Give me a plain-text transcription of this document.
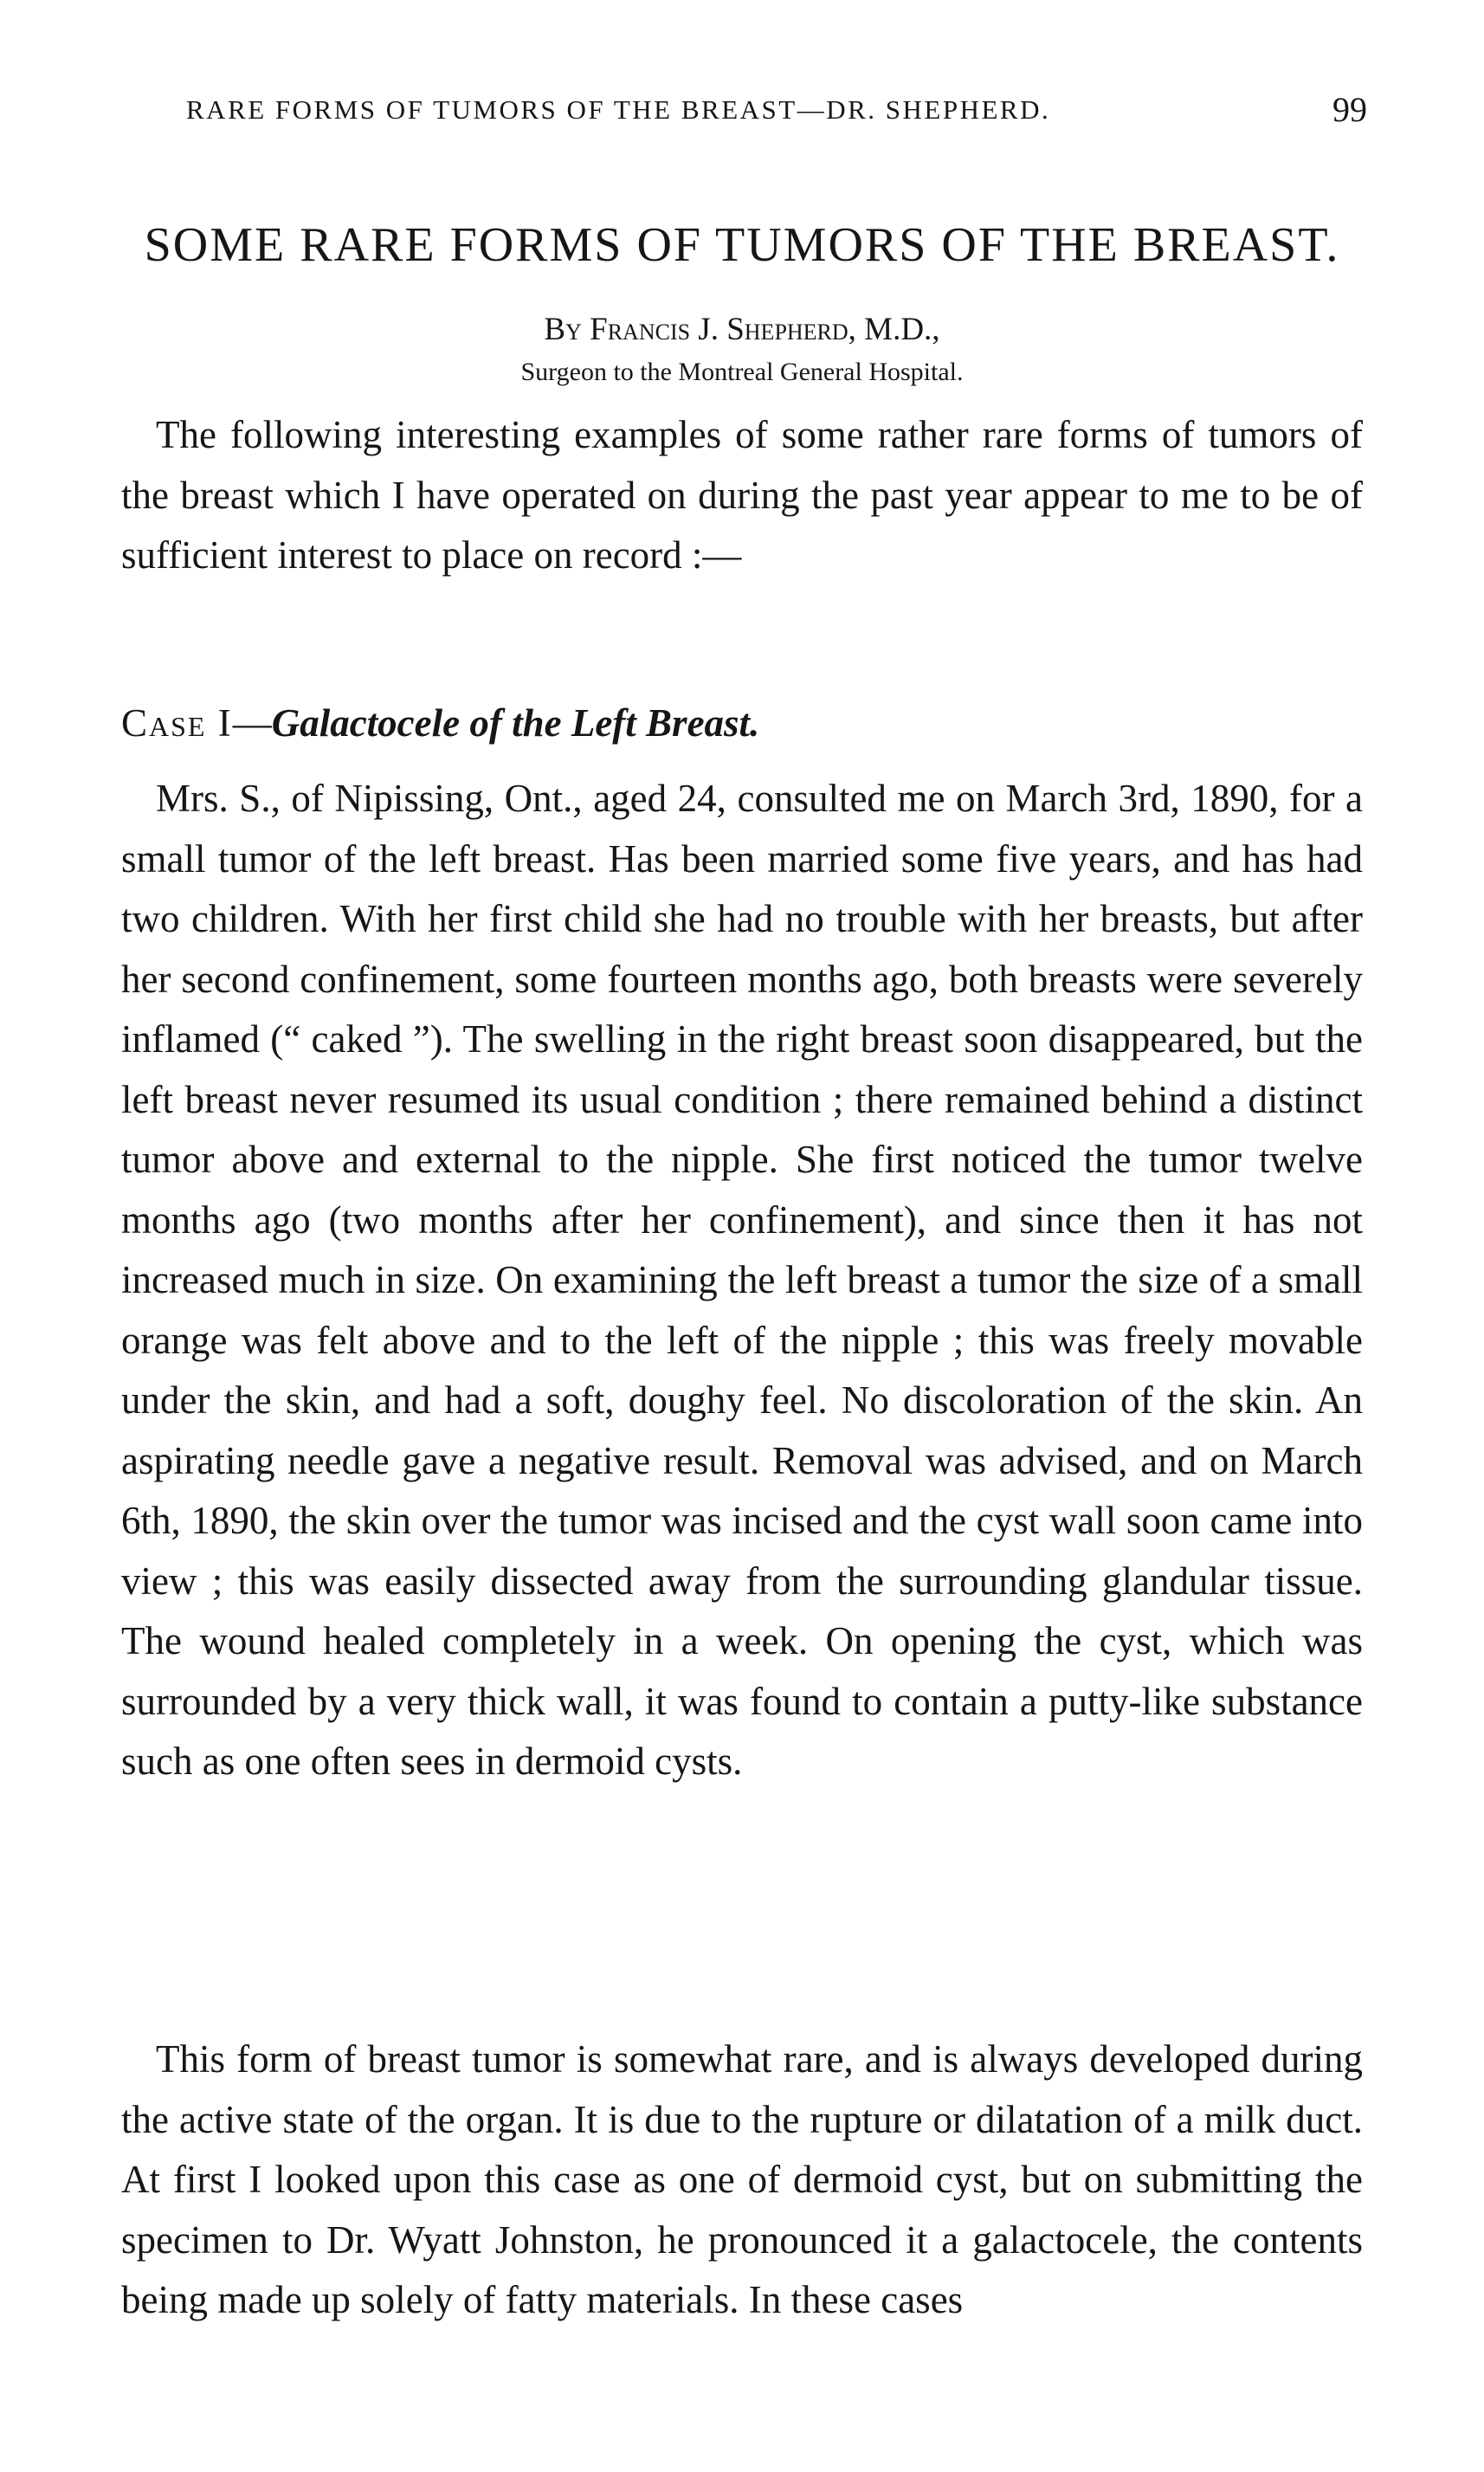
RARE FORMS OF TUMORS OF THE BREAST—DR. SHEPHERD.	99
SOME RARE FORMS OF TUMORS OF THE BREAST.
By Francis J. Shepherd, M.D.,
Surgeon to the Montreal General Hospital.

The following interesting examples of some rather rare forms of tumors of the breast which I have operated on during the past year appear to me to be of sufficient interest to place on record :—

Case I—Galactocele of the Left Breast.

Mrs. S., of Nipissing, Ont., aged 24, consulted me on March 3rd, 1890, for a small tumor of the left breast. Has been married some five years, and has had two children. With her first child she had no trouble with her breasts, but after her second confinement, some fourteen months ago, both breasts were severely inflamed (“ caked ”). The swelling in the right breast soon disappeared, but the left breast never resumed its usual condition ; there remained behind a distinct tumor above and external to the nipple. She first noticed the tumor twelve months ago (two months after her confinement), and since then it has not increased much in size. On examining the left breast a tumor the size of a small orange was felt above and to the left of the nipple ; this was freely movable under the skin, and had a soft, doughy feel. No discoloration of the skin. An aspirating needle gave a negative result. Removal was advised, and on March 6th, 1890, the skin over the tumor was incised and the cyst wall soon came into view ; this was easily dissected away from the surrounding glandular tissue. The wound healed completely in a week. On opening the cyst, which was surrounded by a very thick wall, it was found to contain a putty-like substance such as one often sees in dermoid cysts.

This form of breast tumor is somewhat rare, and is always developed during the active state of the organ. It is due to the rupture or dilatation of a milk duct. At first I looked upon this case as one of dermoid cyst, but on submitting the specimen to Dr. Wyatt Johnston, he pronounced it a galactocele, the contents being made up solely of fatty materials. In these cases
